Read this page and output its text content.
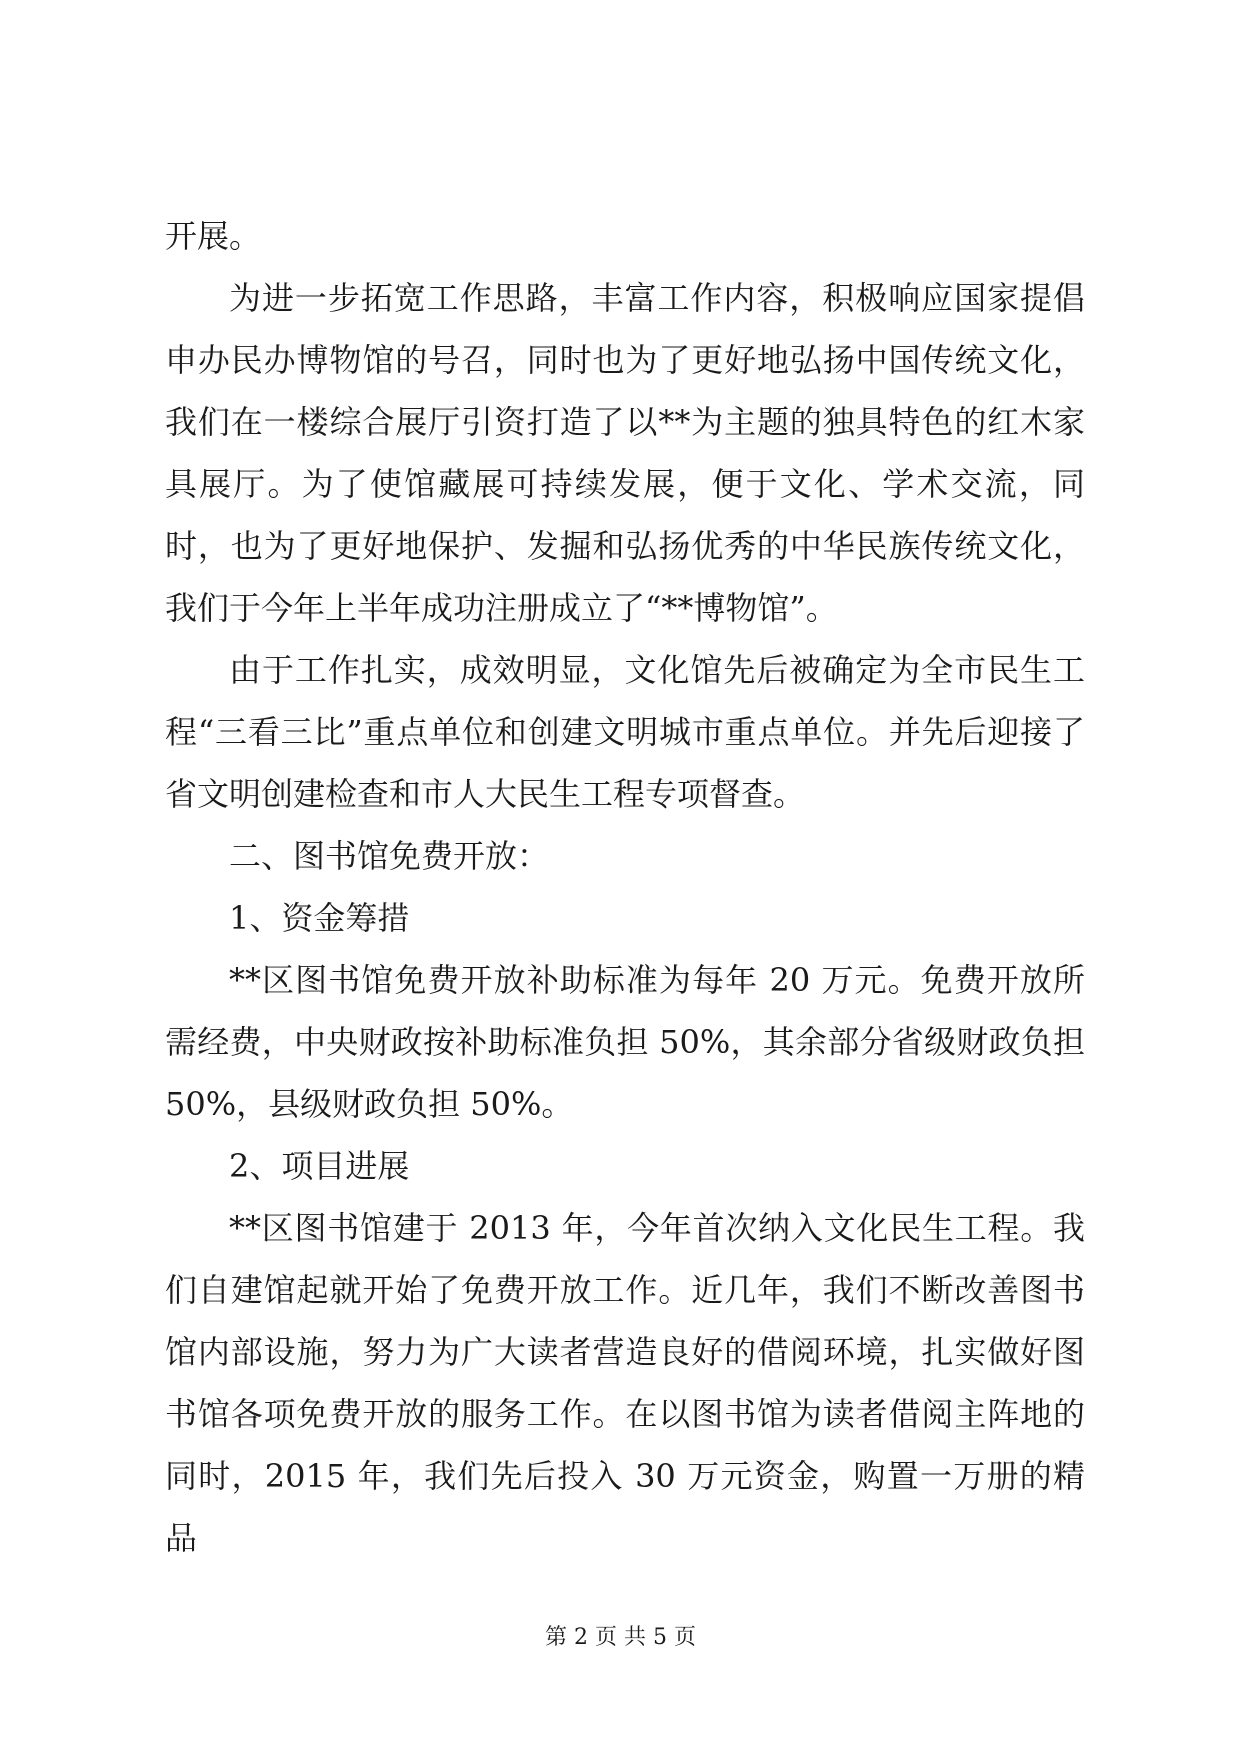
开展。

为进一步拓宽工作思路，丰富工作内容，积极响应国家提倡申办民办博物馆的号召，同时也为了更好地弘扬中国传统文化，我们在一楼综合展厅引资打造了以**为主题的独具特色的红木家具展厅。为了使馆藏展可持续发展，便于文化、学术交流，同时，也为了更好地保护、发掘和弘扬优秀的中华民族传统文化，我们于今年上半年成功注册成立了“**博物馆”。

由于工作扎实，成效明显，文化馆先后被确定为全市民生工程“三看三比”重点单位和创建文明城市重点单位。并先后迎接了省文明创建检查和市人大民生工程专项督查。

二、图书馆免费开放：

1、资金筹措

**区图书馆免费开放补助标准为每年 20 万元。免费开放所需经费，中央财政按补助标准负担 50%，其余部分省级财政负担 50%，县级财政负担 50%。

2、项目进展

**区图书馆建于 2013 年，今年首次纳入文化民生工程。我们自建馆起就开始了免费开放工作。近几年，我们不断改善图书馆内部设施，努力为广大读者营造良好的借阅环境，扎实做好图书馆各项免费开放的服务工作。在以图书馆为读者借阅主阵地的同时，2015 年，我们先后投入 30 万元资金，购置一万册的精品

第 2 页 共 5 页
